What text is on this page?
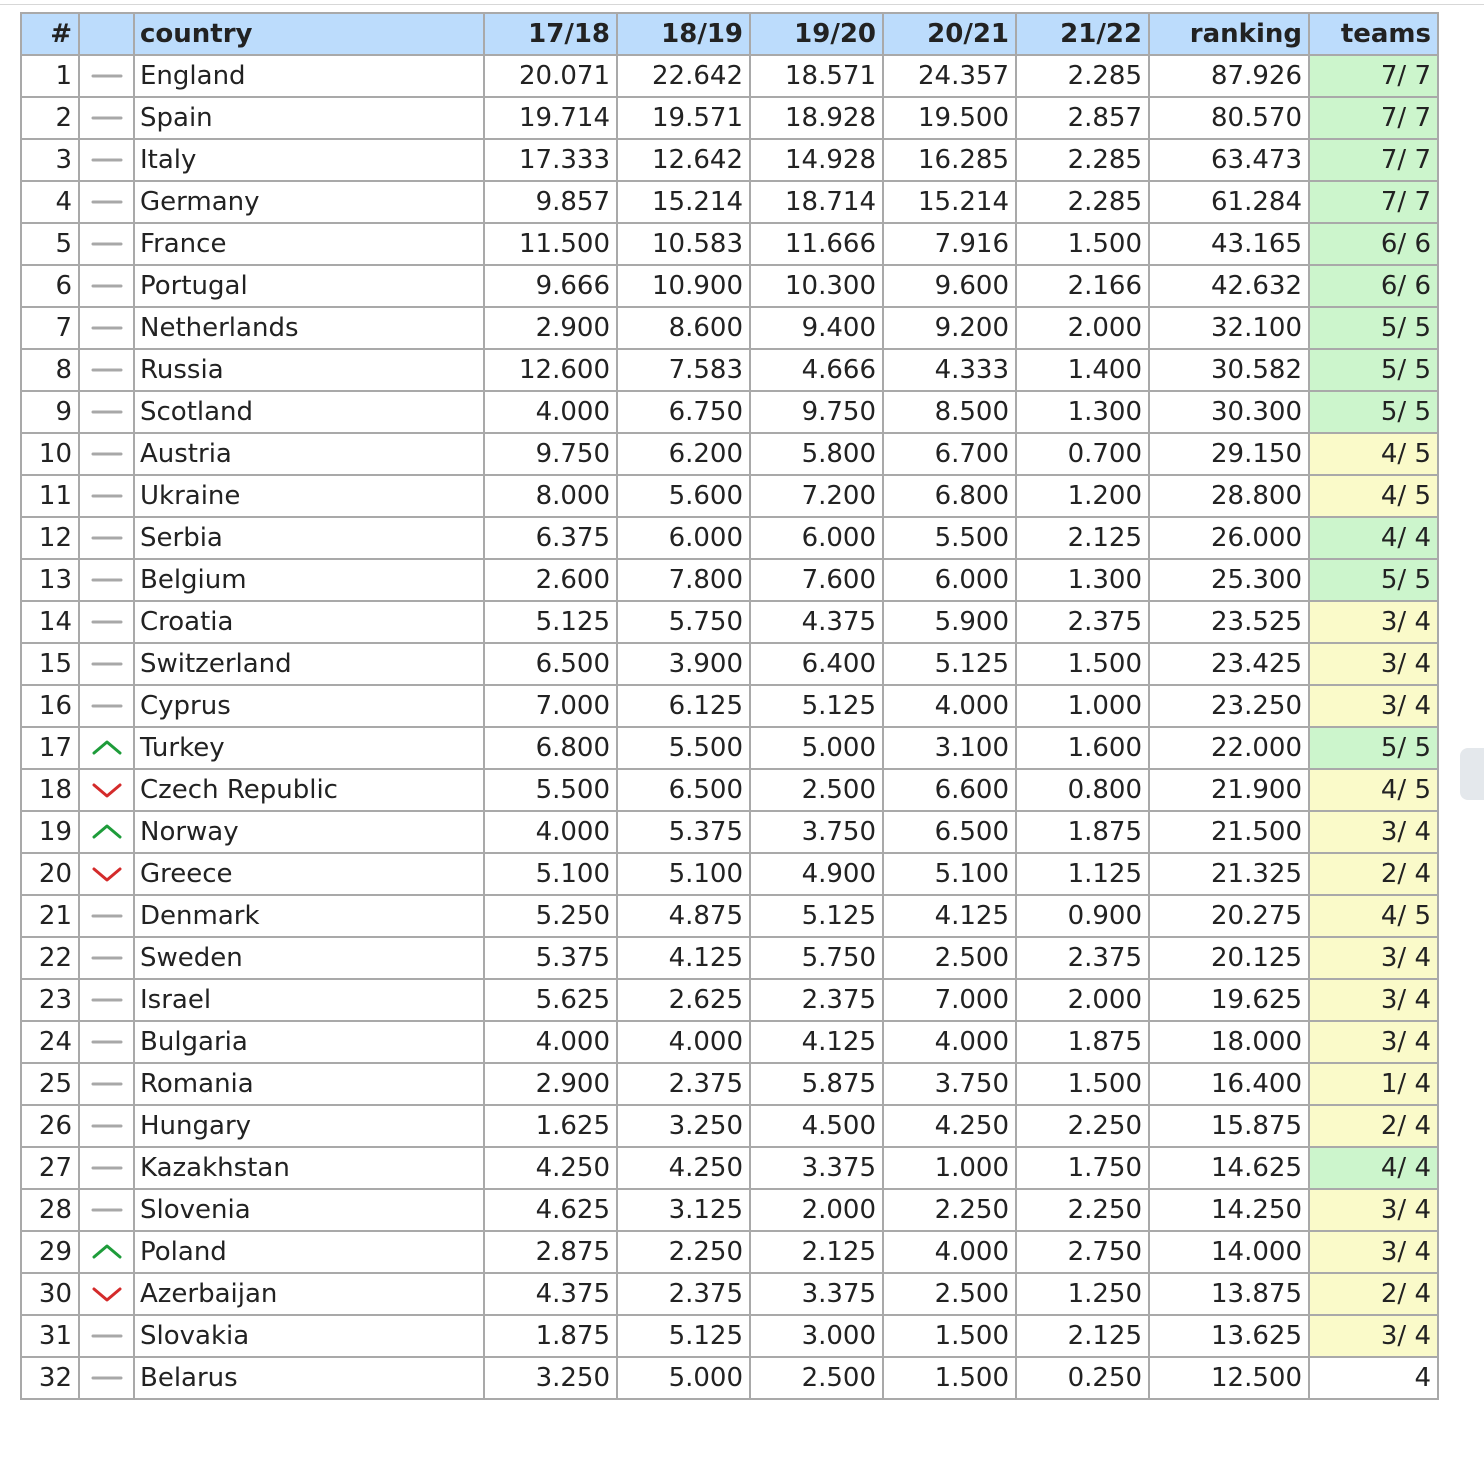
#		country	17/18	18/19	19/20	20/21	21/22	ranking	teams
1		England	20.071	22.642	18.571	24.357	2.285	87.926	7/ 7
2		Spain	19.714	19.571	18.928	19.500	2.857	80.570	7/ 7
3		Italy	17.333	12.642	14.928	16.285	2.285	63.473	7/ 7
4		Germany	9.857	15.214	18.714	15.214	2.285	61.284	7/ 7
5		France	11.500	10.583	11.666	7.916	1.500	43.165	6/ 6
6		Portugal	9.666	10.900	10.300	9.600	2.166	42.632	6/ 6
7		Netherlands	2.900	8.600	9.400	9.200	2.000	32.100	5/ 5
8		Russia	12.600	7.583	4.666	4.333	1.400	30.582	5/ 5
9		Scotland	4.000	6.750	9.750	8.500	1.300	30.300	5/ 5
10		Austria	9.750	6.200	5.800	6.700	0.700	29.150	4/ 5
11		Ukraine	8.000	5.600	7.200	6.800	1.200	28.800	4/ 5
12		Serbia	6.375	6.000	6.000	5.500	2.125	26.000	4/ 4
13		Belgium	2.600	7.800	7.600	6.000	1.300	25.300	5/ 5
14		Croatia	5.125	5.750	4.375	5.900	2.375	23.525	3/ 4
15		Switzerland	6.500	3.900	6.400	5.125	1.500	23.425	3/ 4
16		Cyprus	7.000	6.125	5.125	4.000	1.000	23.250	3/ 4
17		Turkey	6.800	5.500	5.000	3.100	1.600	22.000	5/ 5
18		Czech Republic	5.500	6.500	2.500	6.600	0.800	21.900	4/ 5
19		Norway	4.000	5.375	3.750	6.500	1.875	21.500	3/ 4
20		Greece	5.100	5.100	4.900	5.100	1.125	21.325	2/ 4
21		Denmark	5.250	4.875	5.125	4.125	0.900	20.275	4/ 5
22		Sweden	5.375	4.125	5.750	2.500	2.375	20.125	3/ 4
23		Israel	5.625	2.625	2.375	7.000	2.000	19.625	3/ 4
24		Bulgaria	4.000	4.000	4.125	4.000	1.875	18.000	3/ 4
25		Romania	2.900	2.375	5.875	3.750	1.500	16.400	1/ 4
26		Hungary	1.625	3.250	4.500	4.250	2.250	15.875	2/ 4
27		Kazakhstan	4.250	4.250	3.375	1.000	1.750	14.625	4/ 4
28		Slovenia	4.625	3.125	2.000	2.250	2.250	14.250	3/ 4
29		Poland	2.875	2.250	2.125	4.000	2.750	14.000	3/ 4
30		Azerbaijan	4.375	2.375	3.375	2.500	1.250	13.875	2/ 4
31		Slovakia	1.875	5.125	3.000	1.500	2.125	13.625	3/ 4
32		Belarus	3.250	5.000	2.500	1.500	0.250	12.500	4
